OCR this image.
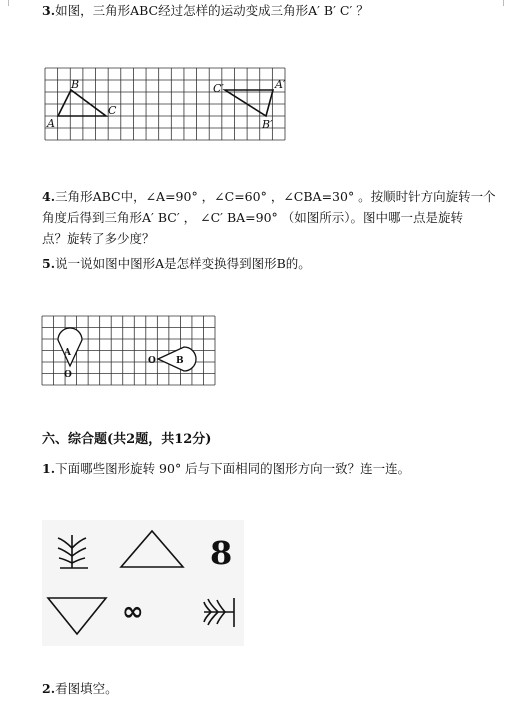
3.如图，三角形ABC经过怎样的运动变成三角形A′ B′ C′ ？
A
B
C
A′
B′
C′
4.三角形ABC中，∠A=90° ，∠C=60° ，∠CBA=30° 。按顺时针方向旋转一个
角度后得到三角形A′ BC′ ， ∠C′ BA=90° （如图所示）。图中哪一点是旋转
点？旋转了多少度？
5.说一说如图中图形A是怎样变换得到图形B的。
A
O
O B
六、综合题(共2题，共12分)
1.下面哪些图形旋转 90° 后与下面相同的图形方向一致？连一连。
8
∞
2.看图填空。
